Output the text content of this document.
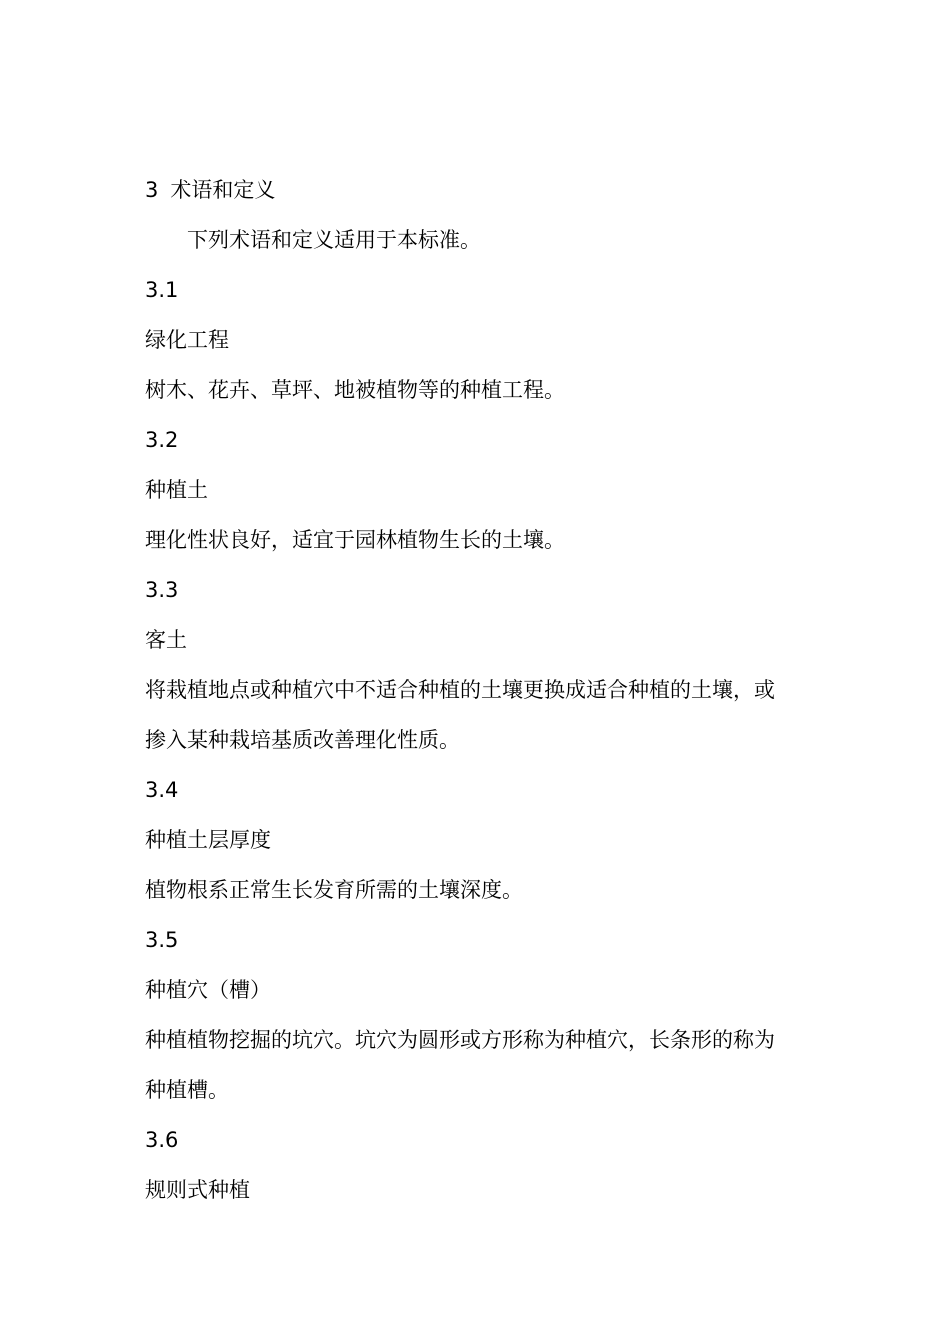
3 术语和定义

下列术语和定义适用于本标准。

3.1

绿化工程

树木、花卉、草坪、地被植物等的种植工程。

3.2

种植土

理化性状良好，适宜于园林植物生长的土壤。

3.3

客土

将栽植地点或种植穴中不适合种植的土壤更换成适合种植的土壤，或

掺入某种栽培基质改善理化性质。

3.4

种植土层厚度

植物根系正常生长发育所需的土壤深度。

3.5

种植穴（槽）

种植植物挖掘的坑穴。坑穴为圆形或方形称为种植穴，长条形的称为

种植槽。

3.6

规则式种植
